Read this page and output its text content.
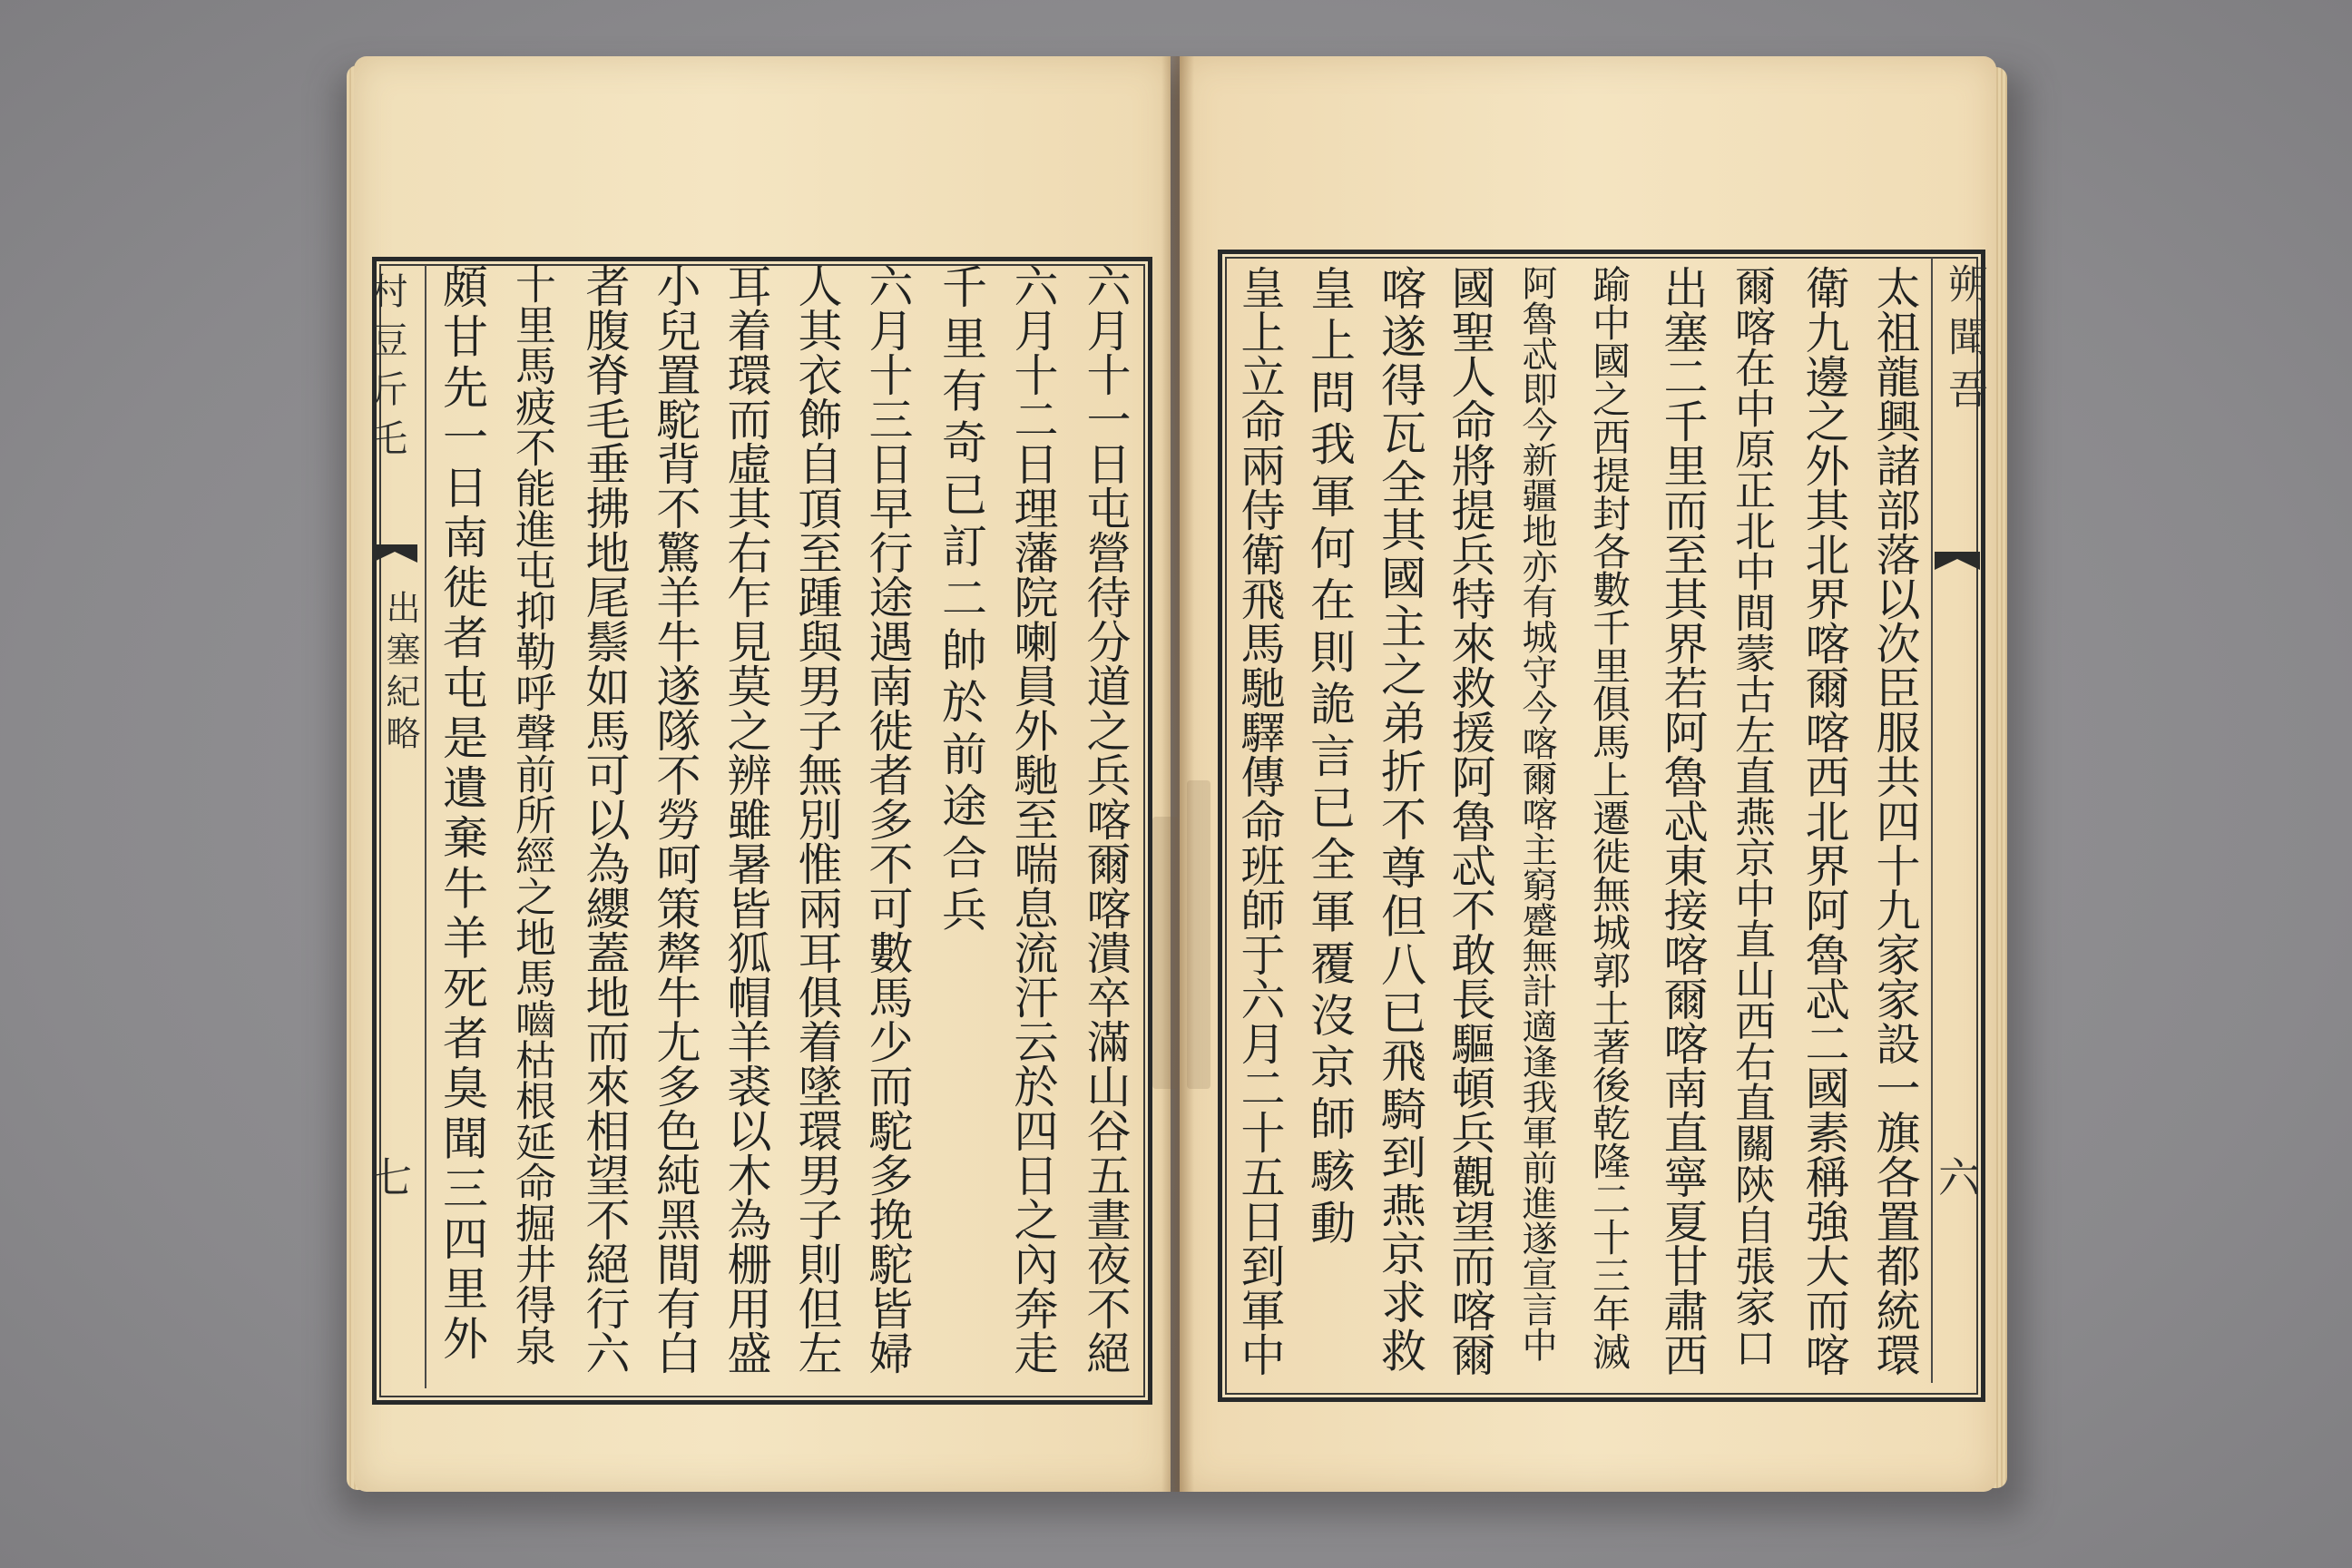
村豆斤乇
出塞紀略
七	六月十一日屯營待分道之兵喀爾喀潰卒滿山谷五晝夜不絕
六月十二日理藩院喇員外馳至喘息流汗云於四日之內奔走
千里有奇已訂二帥於前途合兵
六月十三日早行途遇南徙者多不可數馬少而駝多挽駝皆婦
人其衣飾自頂至踵與男子無別惟兩耳俱着墜環男子則但左
耳着環而虛其右乍見莫之辨雖暑皆狐帽羊裘以木為栅用盛
小兒置駝背不驚羊牛遂隊不勞呵策犛牛尢多色純黑間有白
者腹脊毛垂拂地尾鬃如馬可以為纓蓋地而來相望不絕行六
十里馬疲不能進屯抑勒呼聲前所經之地馬嚙枯根延命掘井得泉
頗甘先一日南徙者屯是遺棄牛羊死者臭聞三四里外	朔聞吾
六
太祖龍興諸部落以次臣服共四十九家家設一旗各置都統環
衛九邊之外其北界喀爾喀西北界阿魯忒二國素稱強大而喀
爾喀在中原正北中間蒙古左直燕京中直山西右直關陝自張家口
出塞二千里而至其界若阿魯忒東接喀爾喀南直寧夏甘肅西
踰中國之西提封各數千里俱馬上遷徙無城郭土著後乾隆二十三年滅
阿魯忒即今新疆地亦有城守今喀爾喀主窮蹙無計適逢我軍前進遂宣言中
國聖人命將提兵特來救援阿魯忒不敢長驅頓兵觀望而喀爾
喀遂得瓦全其國主之弟折不尊但八已飛騎到燕京求救
皇上問我軍何在則詭言已全軍覆沒京師駭動
皇上立命兩侍衛飛馬馳驛傳命班師于六月二十五日到軍中
